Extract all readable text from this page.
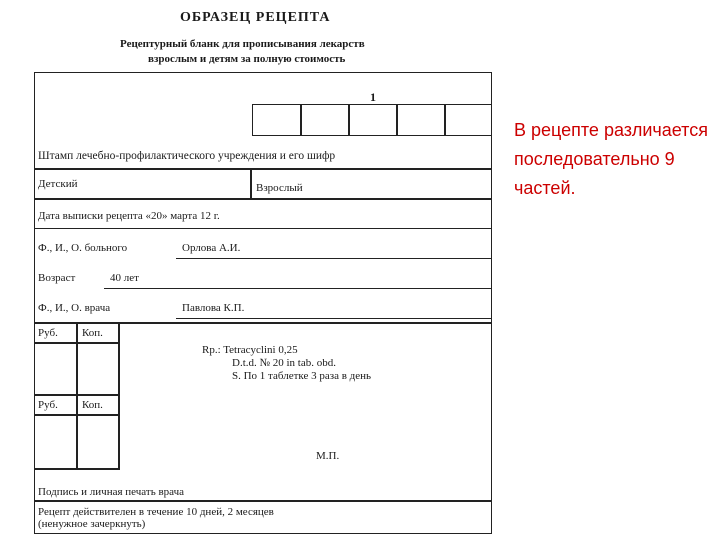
ОБРАЗЕЦ РЕЦЕПТА
Рецептурный бланк для прописывания лекарств
взрослым и детям за полную стоимость
1
Штамп лечебно-профилактического учреждения и его шифр
Детский	Взрослый
Дата выписки рецепта «20» марта 12 г.
Ф., И., О. больного	Орлова А.И.
Возраст	40 лет
Ф., И., О. врача	Павлова К.П.
Руб. Коп.
Rp.: Tetracyclini 0,25
D.t.d. № 20 in tab. obd.
S. По 1 таблетке 3 раза в день
Руб. Коп.
М.П.
Подпись и личная печать врача
Рецепт действителен в течение 10 дней, 2 месяцев
(ненужное зачеркнуть)
В рецепте различается последовательно 9 частей.
